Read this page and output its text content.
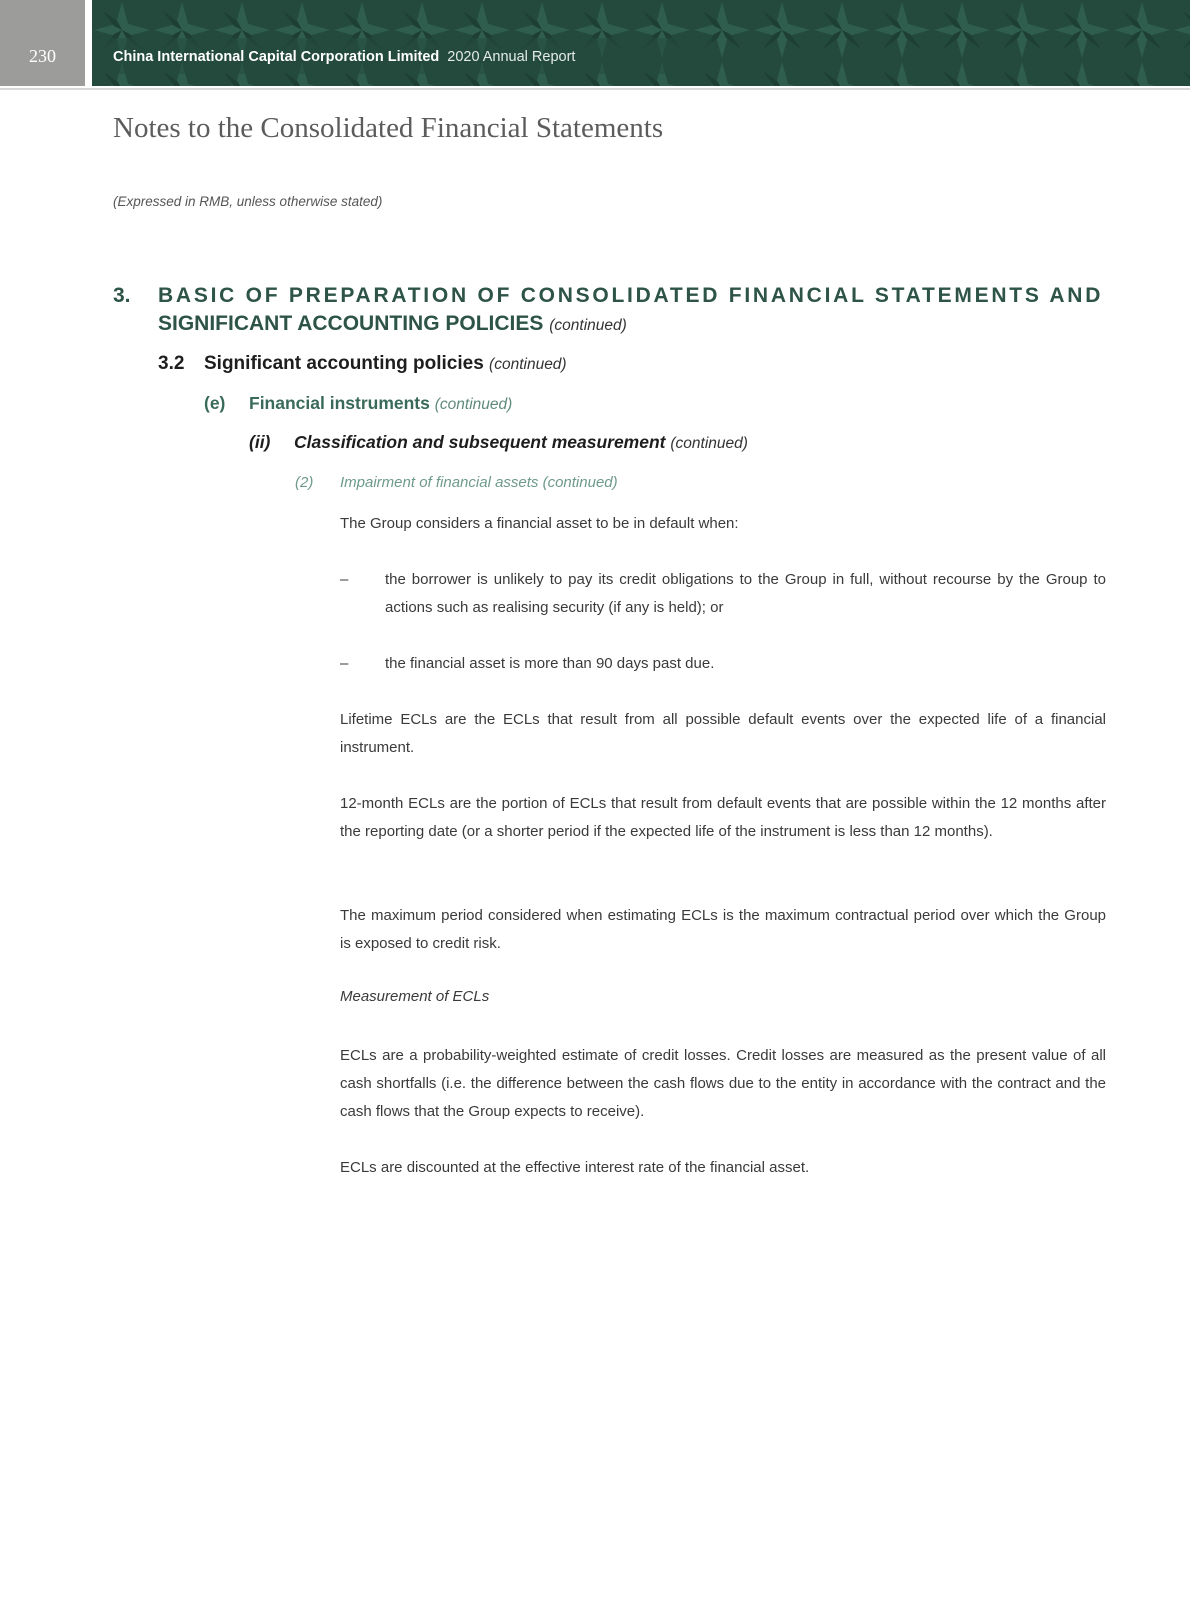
230	China International Capital Corporation Limited 2020 Annual Report
Notes to the Consolidated Financial Statements
(Expressed in RMB, unless otherwise stated)
3. BASIC OF PREPARATION OF CONSOLIDATED FINANCIAL STATEMENTS AND
SIGNIFICANT ACCOUNTING POLICIES (continued)
3.2 Significant accounting policies (continued)
(e) Financial instruments (continued)
(ii) Classification and subsequent measurement (continued)
(2) Impairment of financial assets (continued)

The Group considers a financial asset to be in default when:

– the borrower is unlikely to pay its credit obligations to the Group in full, without recourse by the Group to actions such as realising security (if any is held); or

– the financial asset is more than 90 days past due.

Lifetime ECLs are the ECLs that result from all possible default events over the expected life of a financial instrument.

12-month ECLs are the portion of ECLs that result from default events that are possible within the 12 months after the reporting date (or a shorter period if the expected life of the instrument is less than 12 months).

The maximum period considered when estimating ECLs is the maximum contractual period over which the Group is exposed to credit risk.

Measurement of ECLs

ECLs are a probability-weighted estimate of credit losses. Credit losses are measured as the present value of all cash shortfalls (i.e. the difference between the cash flows due to the entity in accordance with the contract and the cash flows that the Group expects to receive).

ECLs are discounted at the effective interest rate of the financial asset.
